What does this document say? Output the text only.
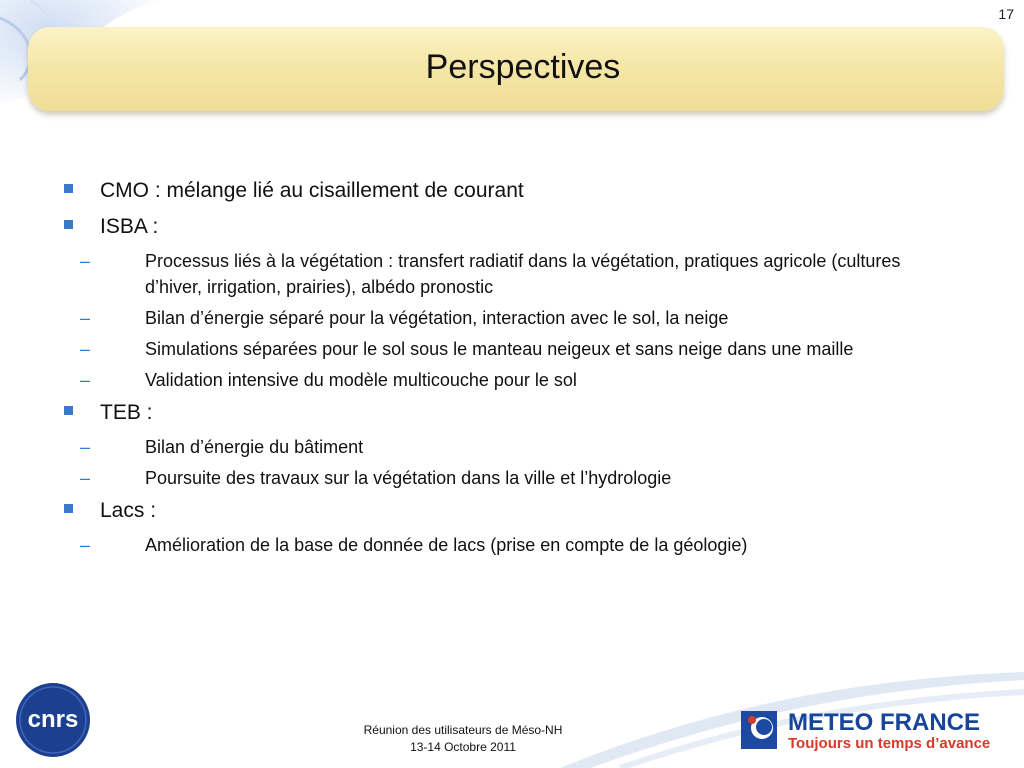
17
Perspectives
CMO : mélange lié au cisaillement de courant
ISBA :
–	Processus liés à la végétation : transfert radiatif dans la végétation, pratiques agricole (cultures d’hiver, irrigation, prairies), albédo pronostic
–	Bilan d’énergie séparé pour la végétation, interaction avec le sol, la neige
–	Simulations séparées pour le sol sous le manteau neigeux et sans neige dans une maille
–	Validation intensive du modèle multicouche pour le sol
TEB :
–	Bilan d’énergie du bâtiment
–	Poursuite des travaux sur la végétation dans la ville et l’hydrologie
Lacs :
–	Amélioration de la base de donnée de lacs (prise en compte de la géologie)
cnrs	Réunion des utilisateurs de Méso-NH
13-14 Octobre 2011
METEO FRANCE
Toujours un temps d’avance
